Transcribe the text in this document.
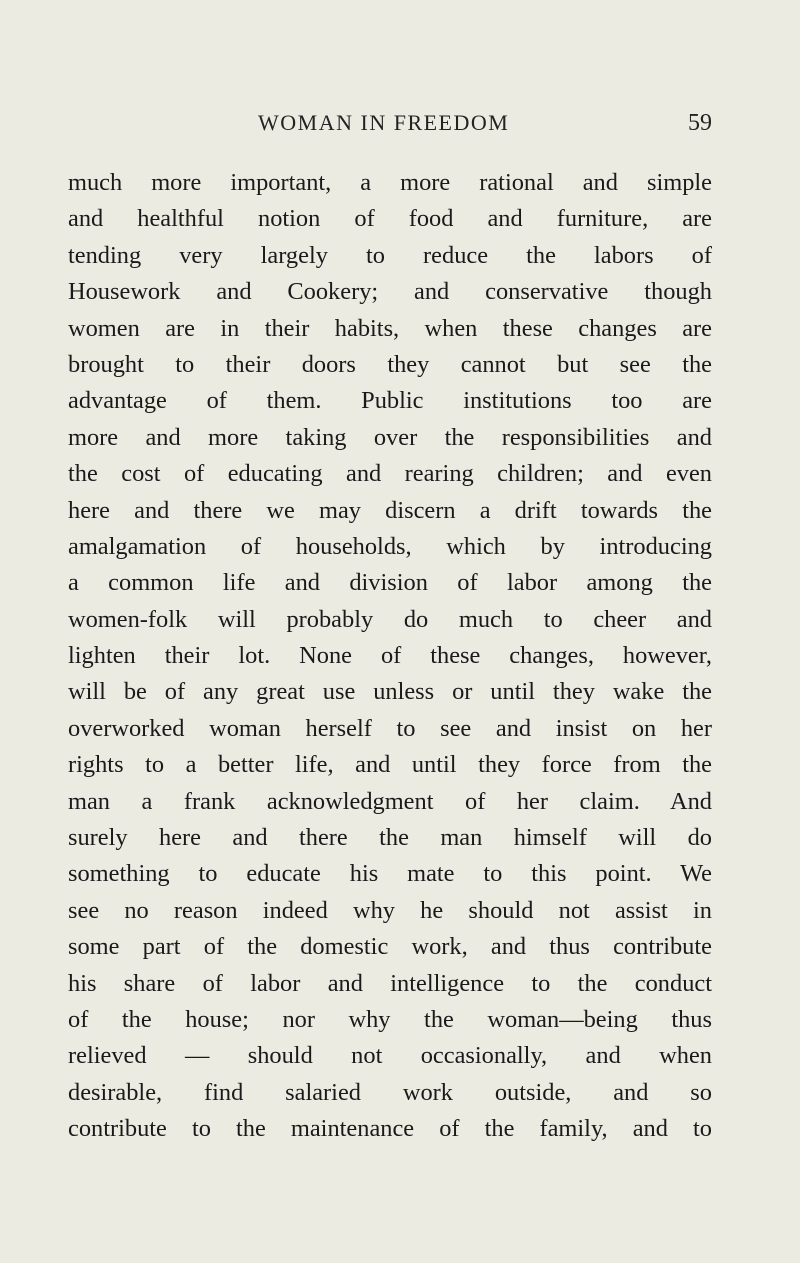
WOMAN IN FREEDOM	59
much more important, a more rational and simple
and healthful notion of food and furniture, are
tending very largely to reduce the labors of
Housework and Cookery; and conservative though
women are in their habits, when these changes are
brought to their doors they cannot but see the
advantage of them. Public institutions too are
more and more taking over the responsibilities and
the cost of educating and rearing children; and even
here and there we may discern a drift towards the
amalgamation of households, which by introducing
a common life and division of labor among the
women-folk will probably do much to cheer and
lighten their lot. None of these changes, however,
will be of any great use unless or until they wake the
overworked woman herself to see and insist on her
rights to a better life, and until they force from the
man a frank acknowledgment of her claim. And
surely here and there the man himself will do
something to educate his mate to this point. We
see no reason indeed why he should not assist in
some part of the domestic work, and thus contribute
his share of labor and intelligence to the conduct
of the house; nor why the woman—being thus
relieved — should not occasionally, and when
desirable, find salaried work outside, and so
contribute to the maintenance of the family, and to
